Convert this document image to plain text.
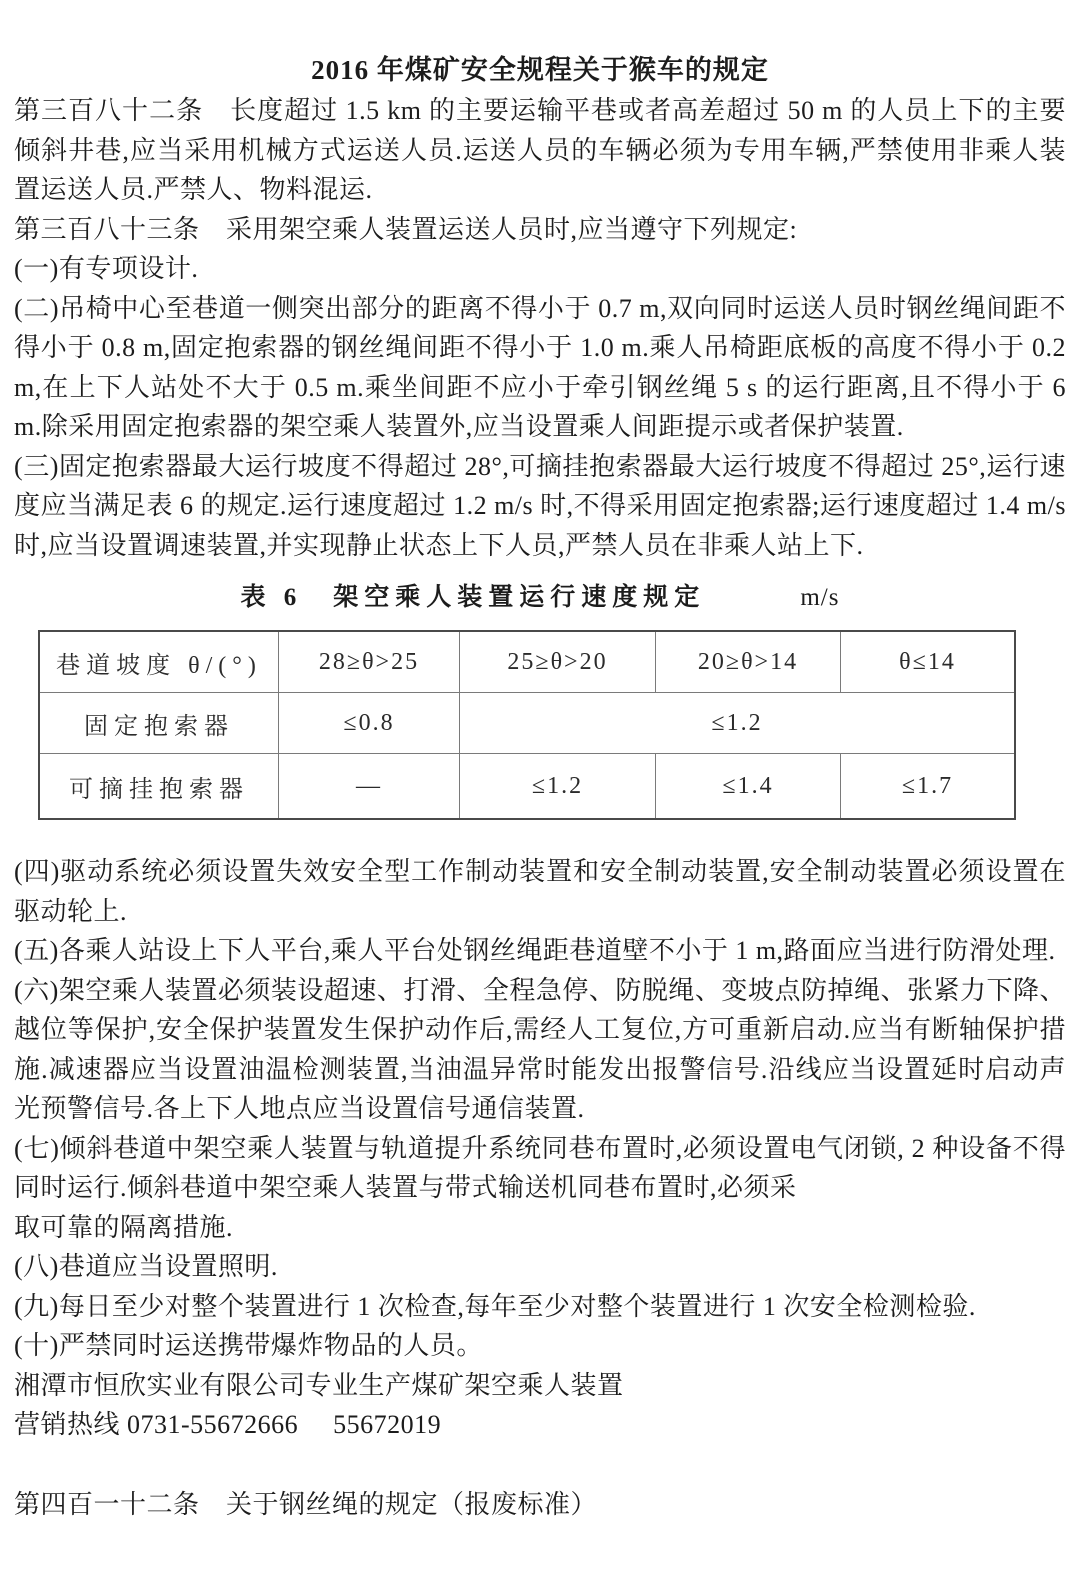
2016 年煤矿安全规程关于猴车的规定

第三百八十二条　长度超过 1.5 km 的主要运输平巷或者高差超过 50 m 的人员上下的主要倾斜井巷,应当采用机械方式运送人员.运送人员的车辆必须为专用车辆,严禁使用非乘人装置运送人员.严禁人、物料混运.

第三百八十三条　采用架空乘人装置运送人员时,应当遵守下列规定:

(一)有专项设计.

(二)吊椅中心至巷道一侧突出部分的距离不得小于 0.7 m,双向同时运送人员时钢丝绳间距不得小于 0.8 m,固定抱索器的钢丝绳间距不得小于 1.0 m.乘人吊椅距底板的高度不得小于 0.2 m,在上下人站处不大于 0.5 m.乘坐间距不应小于牵引钢丝绳 5 s 的运行距离,且不得小于 6 m.除采用固定抱索器的架空乘人装置外,应当设置乘人间距提示或者保护装置.

(三)固定抱索器最大运行坡度不得超过 28°,可摘挂抱索器最大运行坡度不得超过 25°,运行速度应当满足表 6 的规定.运行速度超过 1.2 m/s 时,不得采用固定抱索器;运行速度超过 1.4 m/s 时,应当设置调速装置,并实现静止状态上下人员,严禁人员在非乘人站上下.

表 6　架空乘人装置运行速度规定	m/s
巷道坡度 θ/(°)	28≥θ>25	25≥θ>20	20≥θ>14	θ≤14
固定抱索器	≤0.8	≤1.2		
可摘挂抱索器	—	≤1.2	≤1.4	≤1.7

(四)驱动系统必须设置失效安全型工作制动装置和安全制动装置,安全制动装置必须设置在驱动轮上.

(五)各乘人站设上下人平台,乘人平台处钢丝绳距巷道壁不小于 1 m,路面应当进行防滑处理.

(六)架空乘人装置必须装设超速、打滑、全程急停、防脱绳、变坡点防掉绳、张紧力下降、越位等保护,安全保护装置发生保护动作后,需经人工复位,方可重新启动.应当有断轴保护措施.减速器应当设置油温检测装置,当油温异常时能发出报警信号.沿线应当设置延时启动声光预警信号.各上下人地点应当设置信号通信装置.

(七)倾斜巷道中架空乘人装置与轨道提升系统同巷布置时,必须设置电气闭锁, 2 种设备不得同时运行.倾斜巷道中架空乘人装置与带式输送机同巷布置时,必须采

取可靠的隔离措施.

(八)巷道应当设置照明.

(九)每日至少对整个装置进行 1 次检查,每年至少对整个装置进行 1 次安全检测检验.

(十)严禁同时运送携带爆炸物品的人员。

湘潭市恒欣实业有限公司专业生产煤矿架空乘人装置

营销热线 0731-55672666     55672019

第四百一十二条　关于钢丝绳的规定（报废标准）
